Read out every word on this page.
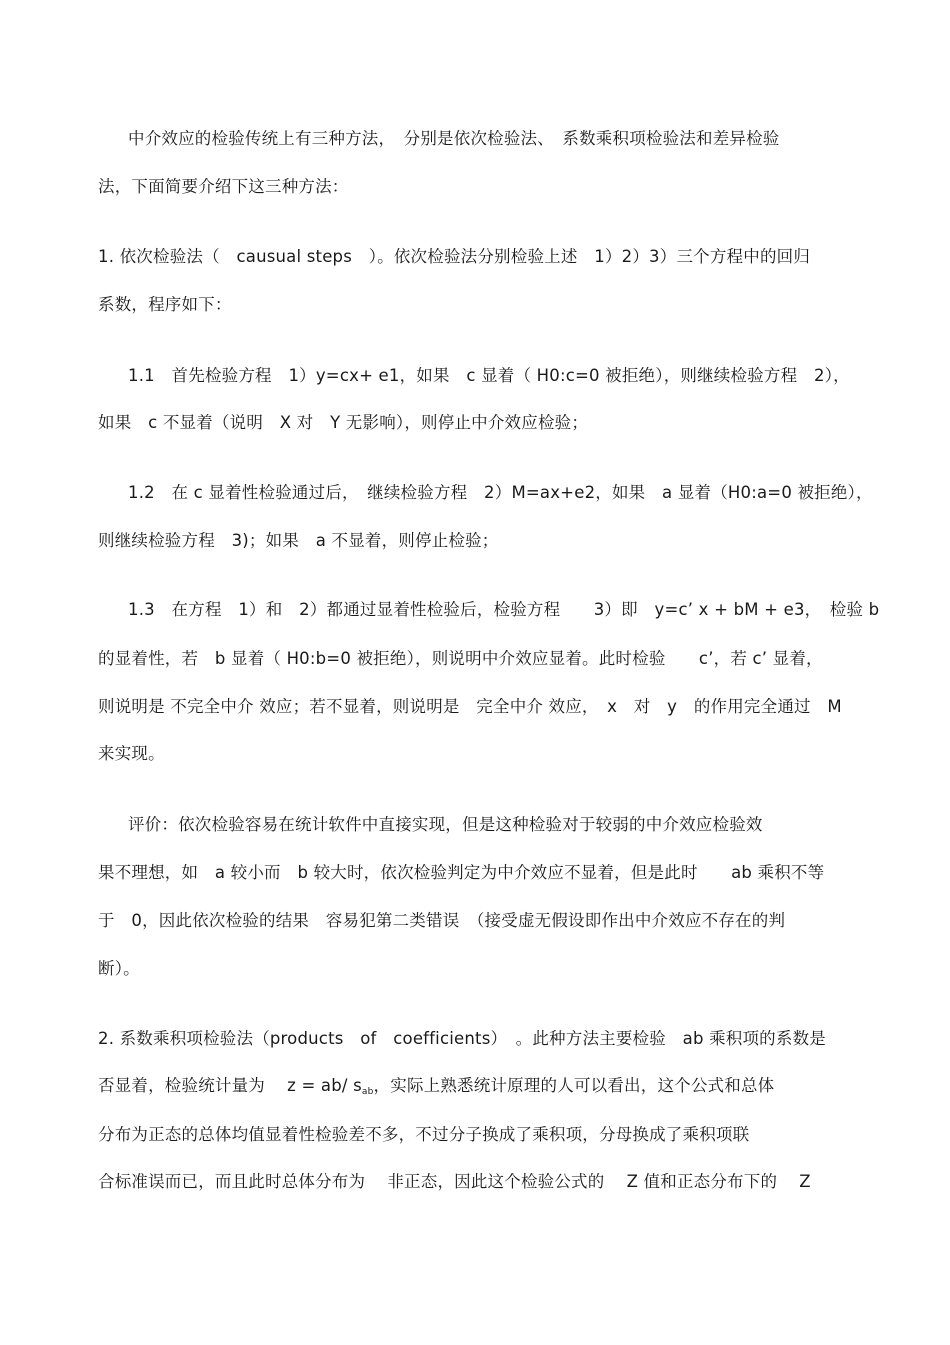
中介效应的检验传统上有三种方法，　分别是依次检验法、　系数乘积项检验法和差异检验
法，下面简要介绍下这三种方法：
1. 依次检验法（　causual steps　）。依次检验法分别检验上述　1）2）3）三个方程中的回归
系数，程序如下：
1.1　首先检验方程　1）y=cx+ e1，如果　c 显着（ H0:c=0 被拒绝），则继续检验方程　2），
如果　c 不显着（说明　X 对　Y 无影响），则停止中介效应检验；
1.2　在 c 显着性检验通过后，　继续检验方程　2）M=ax+e2，如果　a 显着（H0:a=0 被拒绝），
则继续检验方程　3)；如果　a 不显着，则停止检验；
1.3　在方程　1）和　2）都通过显着性检验后，检验方程　　3）即　y=c’ x + bM + e3，　检验 b
的显着性，若　b 显着（ H0:b=0 被拒绝），则说明中介效应显着。此时检验　　c’，若 c’ 显着，
则说明是 不完全中介 效应；若不显着，则说明是　完全中介 效应，　x　对　y　的作用完全通过　M
来实现。
评价：依次检验容易在统计软件中直接实现，但是这种检验对于较弱的中介效应检验效
果不理想，如　a 较小而　b 较大时，依次检验判定为中介效应不显着，但是此时　　ab 乘积不等
于　0，因此依次检验的结果　容易犯第二类错误　（接受虚无假设即作出中介效应不存在的判
断）。
2. 系数乘积项检验法（products　of　coefficients）　。此种方法主要检验　ab 乘积项的系数是
否显着，检验统计量为　 z = ab/ $s_{ab}$，实际上熟悉统计原理的人可以看出，这个公式和总体
分布为正态的总体均值显着性检验差不多，不过分子换成了乘积项，分母换成了乘积项联
合标准误而已，而且此时总体分布为　 非正态，因此这个检验公式的　 Z 值和正态分布下的　 Z
